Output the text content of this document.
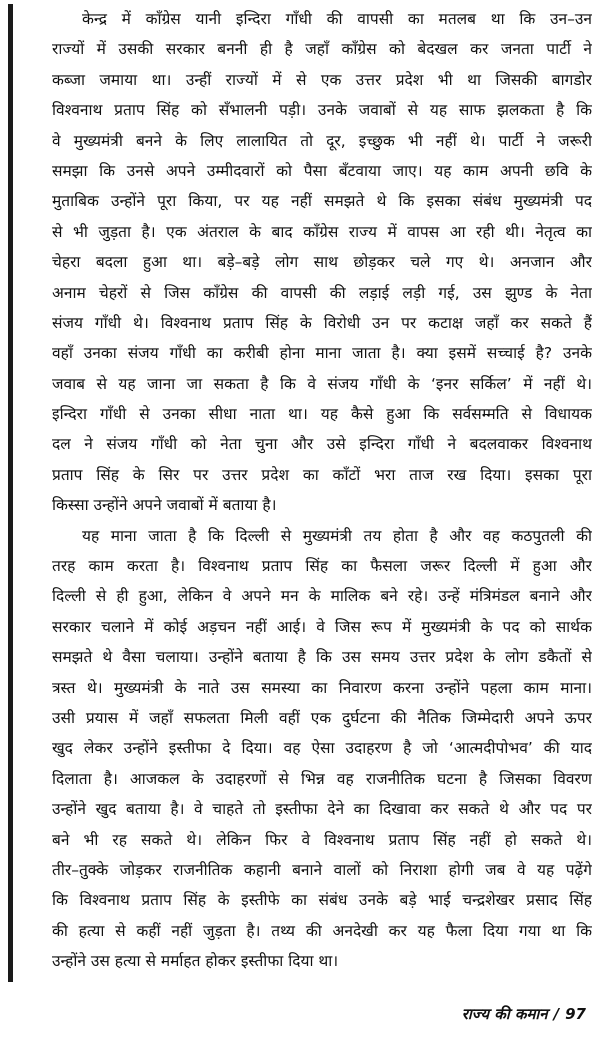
केन्द्र में काँग्रेस यानी इन्दिरा गाँधी की वापसी का मतलब था कि उन–उन
राज्यों में उसकी सरकार बननी ही है जहाँ काँग्रेस को बेदखल कर जनता पार्टी ने
कब्जा जमाया था। उन्हीं राज्यों में से एक उत्तर प्रदेश भी था जिसकी बागडोर
विश्वनाथ प्रताप सिंह को सँभालनी पड़ी। उनके जवाबों से यह साफ झलकता है कि
वे मुख्यमंत्री बनने के लिए लालायित तो दूर, इच्छुक भी नहीं थे। पार्टी ने जरूरी
समझा कि उनसे अपने उम्मीदवारों को पैसा बँटवाया जाए। यह काम अपनी छवि के
मुताबिक उन्होंने पूरा किया, पर यह नहीं समझते थे कि इसका संबंध मुख्यमंत्री पद
से भी जुड़ता है। एक अंतराल के बाद काँग्रेस राज्य में वापस आ रही थी। नेतृत्व का
चेहरा बदला हुआ था। बड़े–बड़े लोग साथ छोड़कर चले गए थे। अनजान और
अनाम चेहरों से जिस काँग्रेस की वापसी की लड़ाई लड़ी गई, उस झुण्ड के नेता
संजय गाँधी थे। विश्वनाथ प्रताप सिंह के विरोधी उन पर कटाक्ष जहाँ कर सकते हैं
वहाँ उनका संजय गाँधी का करीबी होना माना जाता है। क्या इसमें सच्चाई है? उनके
जवाब से यह जाना जा सकता है कि वे संजय गाँधी के ‘इनर सर्किल’ में नहीं थे।
इन्दिरा गाँधी से उनका सीधा नाता था। यह कैसे हुआ कि सर्वसम्मति से विधायक
दल ने संजय गाँधी को नेता चुना और उसे इन्दिरा गाँधी ने बदलवाकर विश्वनाथ
प्रताप सिंह के सिर पर उत्तर प्रदेश का काँटों भरा ताज रख दिया। इसका पूरा
किस्सा उन्होंने अपने जवाबों में बताया है।
यह माना जाता है कि दिल्ली से मुख्यमंत्री तय होता है और वह कठपुतली की
तरह काम करता है। विश्वनाथ प्रताप सिंह का फैसला जरूर दिल्ली में हुआ और
दिल्ली से ही हुआ, लेकिन वे अपने मन के मालिक बने रहे। उन्हें मंत्रिमंडल बनाने और
सरकार चलाने में कोई अड़चन नहीं आई। वे जिस रूप में मुख्यमंत्री के पद को सार्थक
समझते थे वैसा चलाया। उन्होंने बताया है कि उस समय उत्तर प्रदेश के लोग डकैतों से
त्रस्त थे। मुख्यमंत्री के नाते उस समस्या का निवारण करना उन्होंने पहला काम माना।
उसी प्रयास में जहाँ सफलता मिली वहीं एक दुर्घटना की नैतिक जिम्मेदारी अपने ऊपर
खुद लेकर उन्होंने इस्तीफा दे दिया। वह ऐसा उदाहरण है जो ‘आत्मदीपोभव’ की याद
दिलाता है। आजकल के उदाहरणों से भिन्न वह राजनीतिक घटना है जिसका विवरण
उन्होंने खुद बताया है। वे चाहते तो इस्तीफा देने का दिखावा कर सकते थे और पद पर
बने भी रह सकते थे। लेकिन फिर वे विश्वनाथ प्रताप सिंह नहीं हो सकते थे।
तीर–तुक्के जोड़कर राजनीतिक कहानी बनाने वालों को निराशा होगी जब वे यह पढ़ेंगे
कि विश्वनाथ प्रताप सिंह के इस्तीफे का संबंध उनके बड़े भाई चन्द्रशेखर प्रसाद सिंह
की हत्या से कहीं नहीं जुड़ता है। तथ्य की अनदेखी कर यह फैला दिया गया था कि
उन्होंने उस हत्या से मर्माहत होकर इस्तीफा दिया था।
राज्य की कमान / 97
